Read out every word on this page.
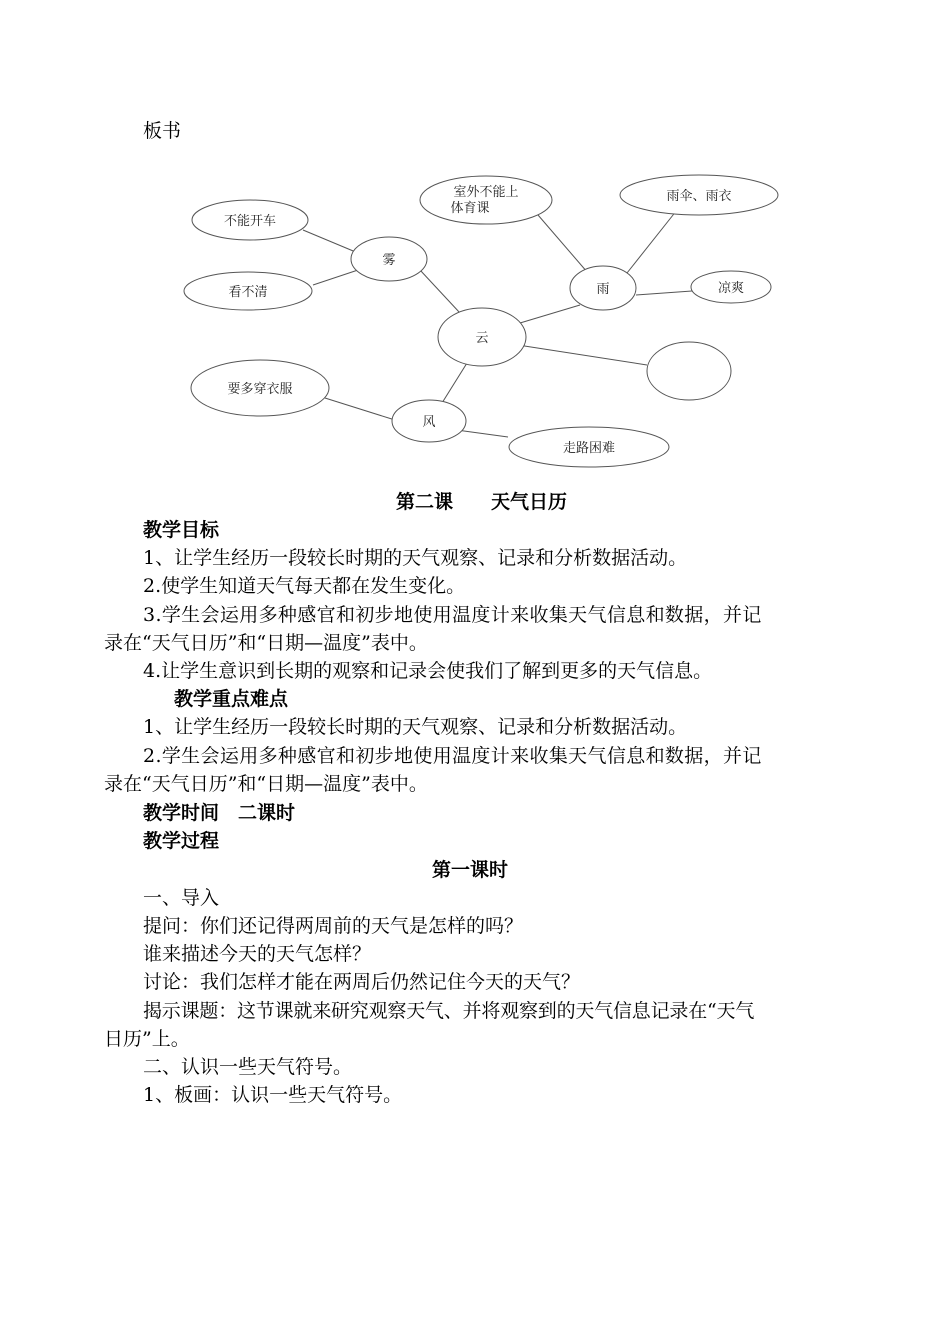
板书
不能开车
看不清
雾
云
室外不能上
体育课
雨伞、雨衣
雨	凉爽
要多穿衣服
风
走路困难
第二课　　天气日历
教学目标
1、让学生经历一段较长时期的天气观察、记录和分析数据活动。
2.使学生知道天气每天都在发生变化。
3.学生会运用多种感官和初步地使用温度计来收集天气信息和数据，并记
录在“天气日历”和“日期—温度”表中。
4.让学生意识到长期的观察和记录会使我们了解到更多的天气信息。
教学重点难点
1、让学生经历一段较长时期的天气观察、记录和分析数据活动。
2.学生会运用多种感官和初步地使用温度计来收集天气信息和数据，并记
录在“天气日历”和“日期—温度”表中。
教学时间　二课时
教学过程
第一课时
一、导入
提问：你们还记得两周前的天气是怎样的吗？
谁来描述今天的天气怎样？
讨论：我们怎样才能在两周后仍然记住今天的天气？
揭示课题：这节课就来研究观察天气、并将观察到的天气信息记录在“天气
日历”上。
二、认识一些天气符号。
1、板画：认识一些天气符号。
